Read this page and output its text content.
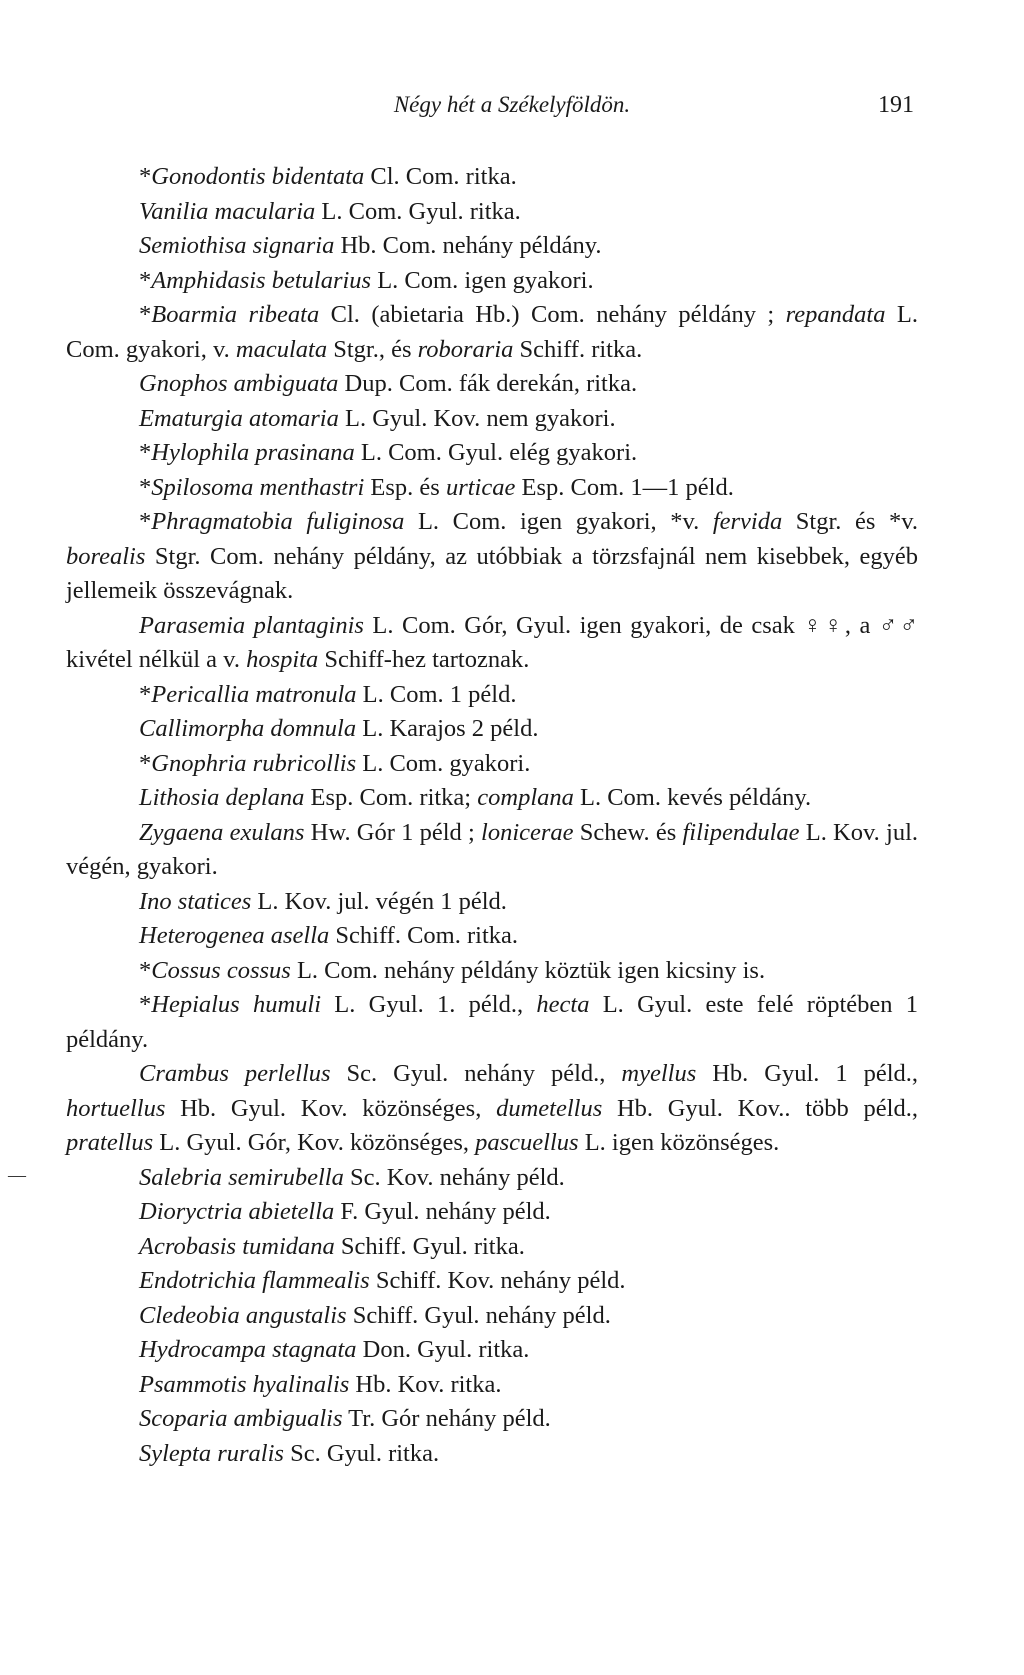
Négy hét a Székelyföldön.	191
―

*Gonodontis bidentata Cl. Com. ritka.

Vanilia macularia L. Com. Gyul. ritka.

Semiothisa signaria Hb. Com. nehány példány.

*Amphidasis betularius L. Com. igen gyakori.

*Boarmia ribeata Cl. (abietaria Hb.) Com. nehány példány ; repandata L. Com. gyakori, v. maculata Stgr., és roboraria Schiff. ritka.

Gnophos ambiguata Dup. Com. fák derekán, ritka.

Ematurgia atomaria L. Gyul. Kov. nem gyakori.

*Hylophila prasinana L. Com. Gyul. elég gyakori.

*Spilosoma menthastri Esp. és urticae Esp. Com. 1—1 péld.

*Phragmatobia fuliginosa L. Com. igen gyakori, *v. fervida Stgr. és *v. borealis Stgr. Com. nehány példány, az utóbbiak a törzsfajnál nem kisebbek, egyéb jellemeik összevágnak.

Parasemia plantaginis L. Com. Gór, Gyul. igen gyakori, de csak ♀♀, a ♂♂ kivétel nélkül a v. hospita Schiff-hez tartoznak.

*Pericallia matronula L. Com. 1 péld.

Callimorpha domnula L. Karajos 2 péld.

*Gnophria rubricollis L. Com. gyakori.

Lithosia deplana Esp. Com. ritka; complana L. Com. kevés példány.

Zygaena exulans Hw. Gór 1 péld ; lonicerae Schew. és filipendulae L. Kov. jul. végén, gyakori.

Ino statices L. Kov. jul. végén 1 péld.

Heterogenea asella Schiff. Com. ritka.

*Cossus cossus L. Com. nehány példány köztük igen kicsiny is.

*Hepialus humuli L. Gyul. 1. péld., hecta L. Gyul. este felé röptében 1 példány.

Crambus perlellus Sc. Gyul. nehány péld., myellus Hb. Gyul. 1 péld., hortuellus Hb. Gyul. Kov. közönséges, dumetellus Hb. Gyul. Kov.. több péld., pratellus L. Gyul. Gór, Kov. közönséges, pascuellus L. igen közönséges.

Salebria semirubella Sc. Kov. nehány péld.

Dioryctria abietella F. Gyul. nehány péld.

Acrobasis tumidana Schiff. Gyul. ritka.

Endotrichia flammealis Schiff. Kov. nehány péld.

Cledeobia angustalis Schiff. Gyul. nehány péld.

Hydrocampa stagnata Don. Gyul. ritka.

Psammotis hyalinalis Hb. Kov. ritka.

Scoparia ambigualis Tr. Gór nehány péld.

Sylepta ruralis Sc. Gyul. ritka.
